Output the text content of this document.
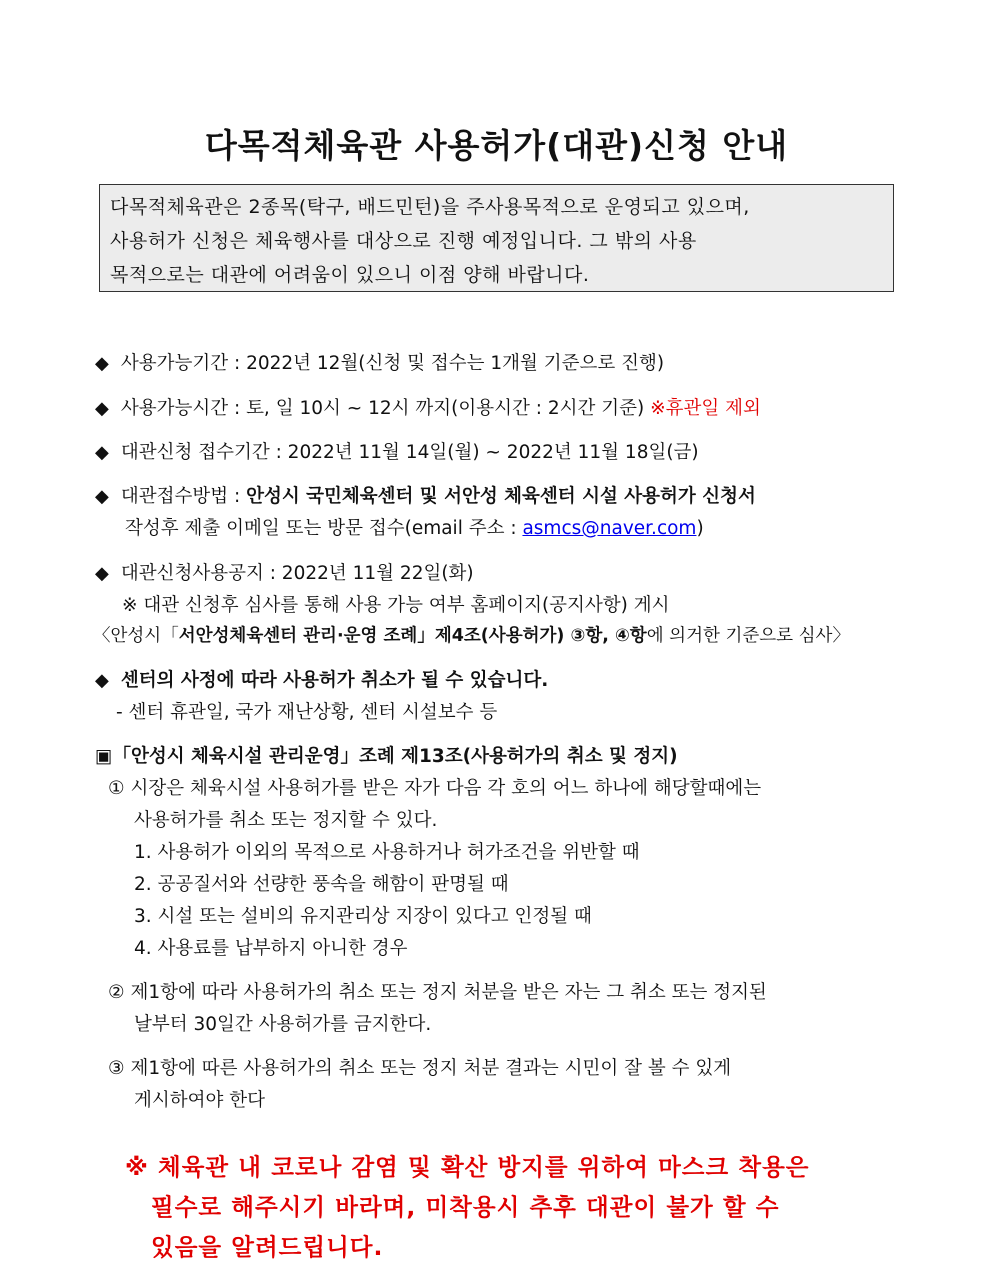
다목적체육관 사용허가(대관)신청 안내
다목적체육관은 2종목(탁구, 배드민턴)을 주사용목적으로 운영되고 있으며,
사용허가 신청은 체육행사를 대상으로 진행 예정입니다. 그 밖의 사용
목적으로는 대관에 어려움이 있으니 이점 양해 바랍니다.
◆ 사용가능기간 : 2022년 12월(신청 및 접수는 1개월 기준으로 진행)
◆ 사용가능시간 : 토, 일 10시 ~ 12시 까지(이용시간 : 2시간 기준) ※휴관일 제외
◆ 대관신청 접수기간 : 2022년 11월 14일(월) ~ 2022년 11월 18일(금)
◆ 대관접수방법 : 안성시 국민체육센터 및 서안성 체육센터 시설 사용허가 신청서
작성후 제출 이메일 또는 방문 접수(email 주소 : asmcs@naver.com)
◆ 대관신청사용공지 : 2022년 11월 22일(화)
※ 대관 신청후 심사를 통해 사용 가능 여부 홈페이지(공지사항) 게시
〈안성시「서안성체육센터 관리·운영 조례」제4조(사용허가) ③항, ④항에 의거한 기준으로 심사〉
◆ 센터의 사정에 따라 사용허가 취소가 될 수 있습니다.
- 센터 휴관일, 국가 재난상황, 센터 시설보수 등
▣「안성시 체육시설 관리운영」조례 제13조(사용허가의 취소 및 정지)
① 시장은 체육시설 사용허가를 받은 자가 다음 각 호의 어느 하나에 해당할때에는
사용허가를 취소 또는 정지할 수 있다.
1. 사용허가 이외의 목적으로 사용하거나 허가조건을 위반할 때
2. 공공질서와 선량한 풍속을 해함이 판명될 때
3. 시설 또는 설비의 유지관리상 지장이 있다고 인정될 때
4. 사용료를 납부하지 아니한 경우
② 제1항에 따라 사용허가의 취소 또는 정지 처분을 받은 자는 그 취소 또는 정지된
날부터 30일간 사용허가를 금지한다.
③ 제1항에 따른 사용허가의 취소 또는 정지 처분 결과는 시민이 잘 볼 수 있게
게시하여야 한다
※ 체육관 내 코로나 감염 및 확산 방지를 위하여 마스크 착용은
필수로 해주시기 바라며, 미착용시 추후 대관이 불가 할 수
있음을 알려드립니다.
